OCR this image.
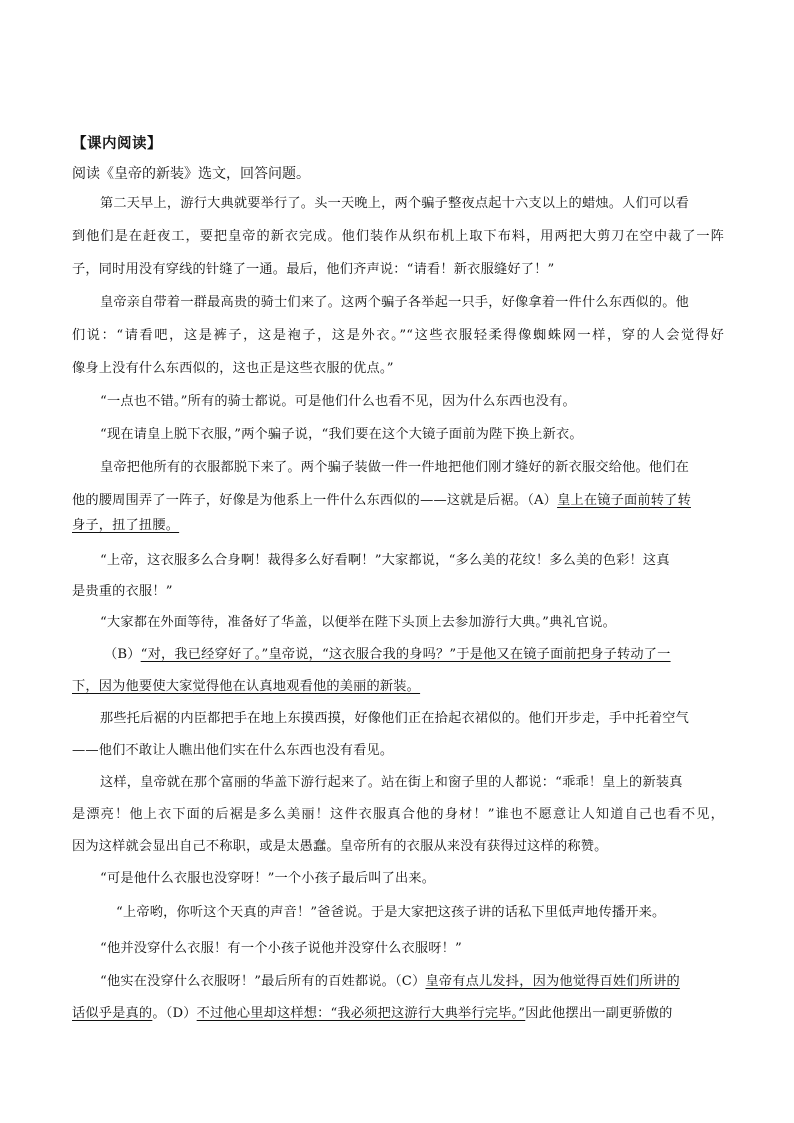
【课内阅读】
阅读《皇帝的新装》选文，回答问题。
第二天早上，游行大典就要举行了。头一天晚上，两个骗子整夜点起十六支以上的蜡烛。人们可以看
到他们是在赶夜工，要把皇帝的新衣完成。他们装作从织布机上取下布料，用两把大剪刀在空中裁了一阵
子，同时用没有穿线的针缝了一通。最后，他们齐声说：“请看！新衣服缝好了！”
皇帝亲自带着一群最高贵的骑士们来了。这两个骗子各举起一只手，好像拿着一件什么东西似的。他
们说：“请看吧，这是裤子，这是袍子，这是外衣。”“这些衣服轻柔得像蜘蛛网一样，穿的人会觉得好
像身上没有什么东西似的，这也正是这些衣服的优点。”
“一点也不错。”所有的骑士都说。可是他们什么也看不见，因为什么东西也没有。
“现在请皇上脱下衣服，”两个骗子说，“我们要在这个大镜子面前为陛下换上新衣。
皇帝把他所有的衣服都脱下来了。两个骗子装做一件一件地把他们刚才缝好的新衣服交给他。他们在
他的腰周围弄了一阵子，好像是为他系上一件什么东西似的——这就是后裾。（A）皇上在镜子面前转了转
身子，扭了扭腰。
“上帝，这衣服多么合身啊！裁得多么好看啊！”大家都说，“多么美的花纹！多么美的色彩！这真
是贵重的衣服！”
“大家都在外面等待，准备好了华盖，以便举在陛下头顶上去参加游行大典。”典礼官说。
（B）“对，我已经穿好了。”皇帝说，“这衣服合我的身吗？”于是他又在镜子面前把身子转动了一
下，因为他要使大家觉得他在认真地观看他的美丽的新装。
那些托后裾的内臣都把手在地上东摸西摸，好像他们正在拾起衣裙似的。他们开步走，手中托着空气
——他们不敢让人瞧出他们实在什么东西也没有看见。
这样，皇帝就在那个富丽的华盖下游行起来了。站在街上和窗子里的人都说：“乖乖！皇上的新装真
是漂亮！他上衣下面的后裾是多么美丽！这件衣服真合他的身材！”谁也不愿意让人知道自己也看不见，
因为这样就会显出自己不称职，或是太愚蠢。皇帝所有的衣服从来没有获得过这样的称赞。
“可是他什么衣服也没穿呀！”一个小孩子最后叫了出来。
“上帝哟，你听这个天真的声音！”爸爸说。于是大家把这孩子讲的话私下里低声地传播开来。
“他并没穿什么衣服！有一个小孩子说他并没穿什么衣服呀！”
“他实在没穿什么衣服呀！”最后所有的百姓都说。（C）皇帝有点儿发抖，因为他觉得百姓们所讲的
话似乎是真的。（D）不过他心里却这样想：“我必须把这游行大典举行完毕。”因此他摆出一副更骄傲的
